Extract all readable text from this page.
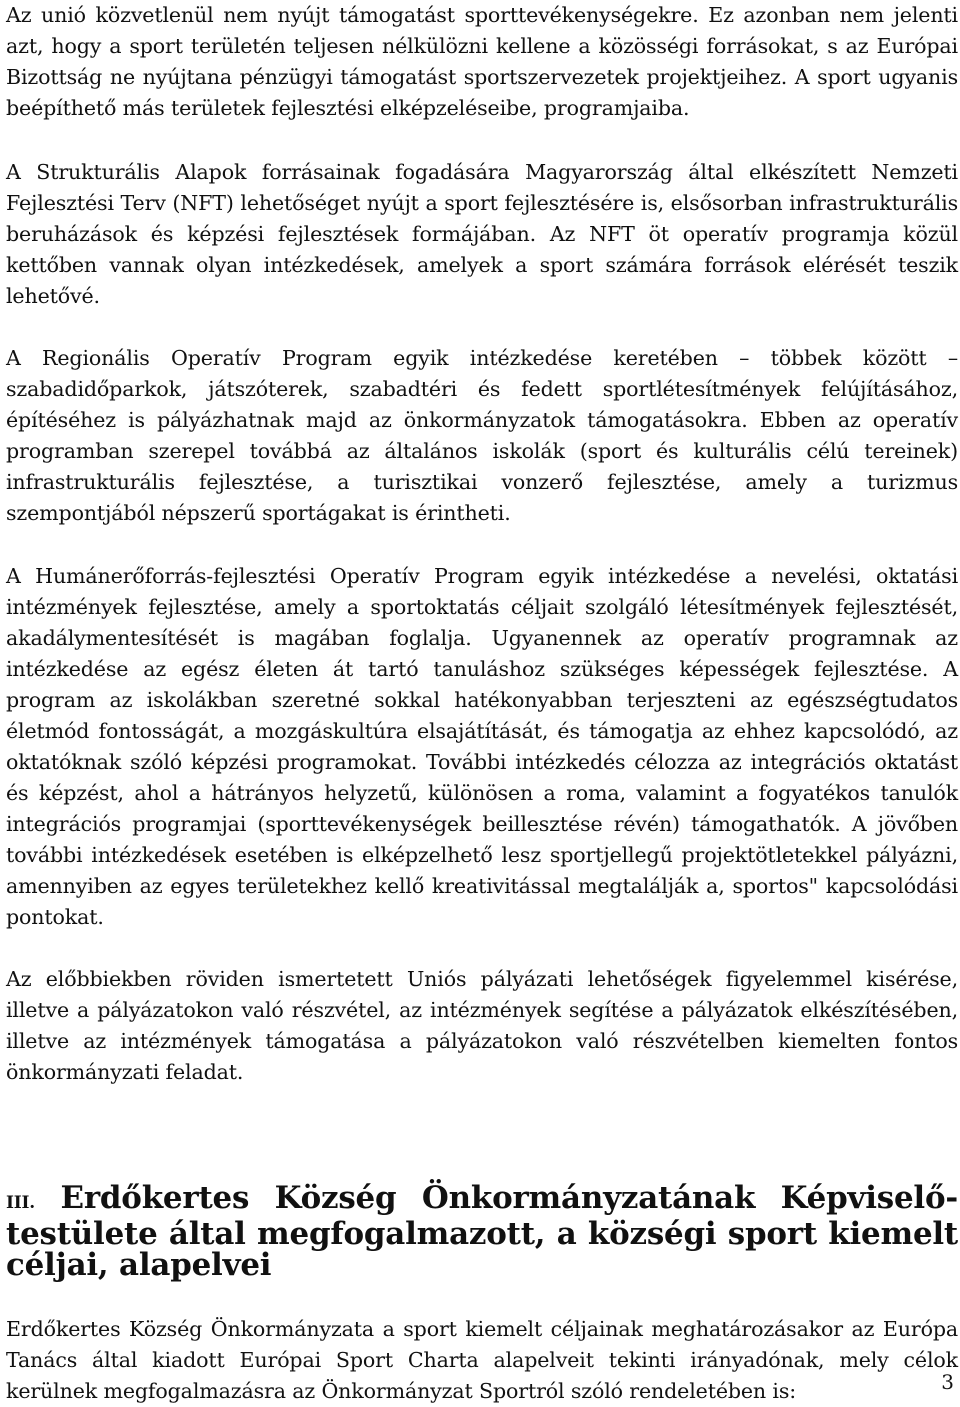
Az unió közvetlenül nem nyújt támogatást sporttevékenységekre. Ez azonban nem jelenti azt, hogy a sport területén teljesen nélkülözni kellene a közösségi forrásokat, s az Európai Bizottság ne nyújtana pénzügyi támogatást sportszervezetek projektjeihez. A sport ugyanis beépíthető más területek fejlesztési elképzeléseibe, programjaiba.

A Strukturális Alapok forrásainak fogadására Magyarország által elkészített Nemzeti Fejlesztési Terv (NFT) lehetőséget nyújt a sport fejlesztésére is, elsősorban infrastrukturális beruházások és képzési fejlesztések formájában. Az NFT öt operatív programja közül kettőben vannak olyan intézkedések, amelyek a sport számára források elérését teszik lehetővé.

A Regionális Operatív Program egyik intézkedése keretében – többek között – szabadidőparkok, játszóterek, szabadtéri és fedett sportlétesítmények felújításához, építéséhez is pályázhatnak majd az önkormányzatok támogatásokra. Ebben az operatív programban szerepel továbbá az általános iskolák (sport és kulturális célú tereinek) infrastrukturális fejlesztése, a turisztikai vonzerő fejlesztése, amely a turizmus szempontjából népszerű sportágakat is érintheti.

A Humánerőforrás-fejlesztési Operatív Program egyik intézkedése a nevelési, oktatási intézmények fejlesztése, amely a sportoktatás céljait szolgáló létesítmények fejlesztését, akadálymentesítését is magában foglalja. Ugyanennek az operatív programnak az intézkedése az egész életen át tartó tanuláshoz szükséges képességek fejlesztése. A program az iskolákban szeretné sokkal hatékonyabban terjeszteni az egészségtudatos életmód fontosságát, a mozgáskultúra elsajátítását, és támogatja az ehhez kapcsolódó, az oktatóknak szóló képzési programokat. További intézkedés célozza az integrációs oktatást és képzést, ahol a hátrányos helyzetű, különösen a roma, valamint a fogyatékos tanulók integrációs programjai (sporttevékenységek beillesztése révén) támogathatók. A jövőben további intézkedések esetében is elképzelhető lesz sportjellegű projektötletekkel pályázni, amennyiben az egyes területekhez kellő kreativitással megtalálják a, sportos" kapcsolódási pontokat.

Az előbbiekben röviden ismertetett Uniós pályázati lehetőségek figyelemmel kisérése, illetve a pályázatokon való részvétel, az intézmények segítése a pályázatok elkészítésében, illetve az intézmények támogatása a pályázatokon való részvételben kiemelten fontos önkormányzati feladat.

III. Erdőkertes Község Önkormányzatának Képviselő-testülete által megfogalmazott, a községi sport kiemelt céljai, alapelvei

Erdőkertes Község Önkormányzata a sport kiemelt céljainak meghatározásakor az Európa Tanács által kiadott Európai Sport Charta alapelveit tekinti irányadónak, mely célok kerülnek megfogalmazásra az Önkormányzat Sportról szóló rendeletében is:	3
